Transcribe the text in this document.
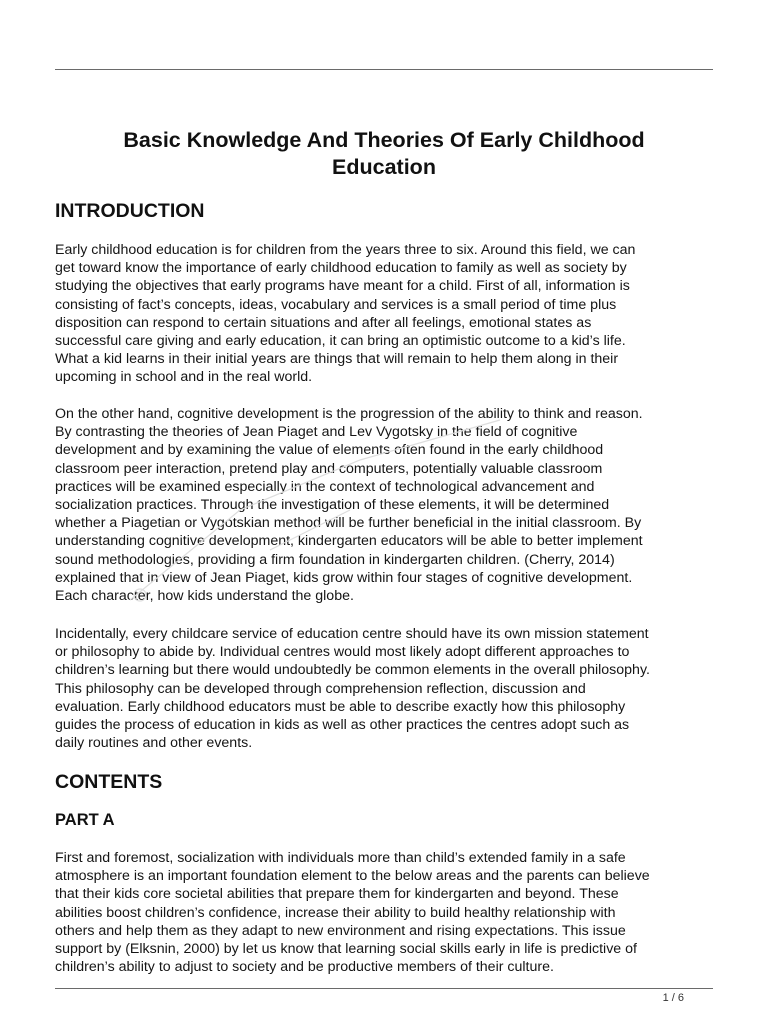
Basic Knowledge And Theories Of Early Childhood
Education
INTRODUCTION

Early childhood education is for children from the years three to six. Around this field, we can
get toward know the importance of early childhood education to family as well as society by
studying the objectives that early programs have meant for a child. First of all, information is
consisting of fact’s concepts, ideas, vocabulary and services is a small period of time plus
disposition can respond to certain situations and after all feelings, emotional states as
successful care giving and early education, it can bring an optimistic outcome to a kid’s life.
What a kid learns in their initial years are things that will remain to help them along in their
upcoming in school and in the real world.

On the other hand, cognitive development is the progression of the ability to think and reason.
By contrasting the theories of Jean Piaget and Lev Vygotsky in the field of cognitive
development and by examining the value of elements often found in the early childhood
classroom peer interaction, pretend play and computers, potentially valuable classroom
practices will be examined especially in the context of technological advancement and
socialization practices. Through the investigation of these elements, it will be determined
whether a Piagetian or Vygotskian method will be further beneficial in the initial classroom. By
understanding cognitive development, kindergarten educators will be able to better implement
sound methodologies, providing a firm foundation in kindergarten children. (Cherry, 2014)
explained that in view of Jean Piaget, kids grow within four stages of cognitive development.
Each character, how kids understand the globe.

Incidentally, every childcare service of education centre should have its own mission statement
or philosophy to abide by. Individual centres would most likely adopt different approaches to
children’s learning but there would undoubtedly be common elements in the overall philosophy.
This philosophy can be developed through comprehension reflection, discussion and
evaluation. Early childhood educators must be able to describe exactly how this philosophy
guides the process of education in kids as well as other practices the centres adopt such as
daily routines and other events.

CONTENTS
PART A

First and foremost, socialization with individuals more than child’s extended family in a safe
atmosphere is an important foundation element to the below areas and the parents can believe
that their kids core societal abilities that prepare them for kindergarten and beyond. These
abilities boost children’s confidence, increase their ability to build healthy relationship with
others and help them as they adapt to new environment and rising expectations. This issue
support by (Elksnin, 2000) by let us know that learning social skills early in life is predictive of
children’s ability to adjust to society and be productive members of their culture.

1 / 6
